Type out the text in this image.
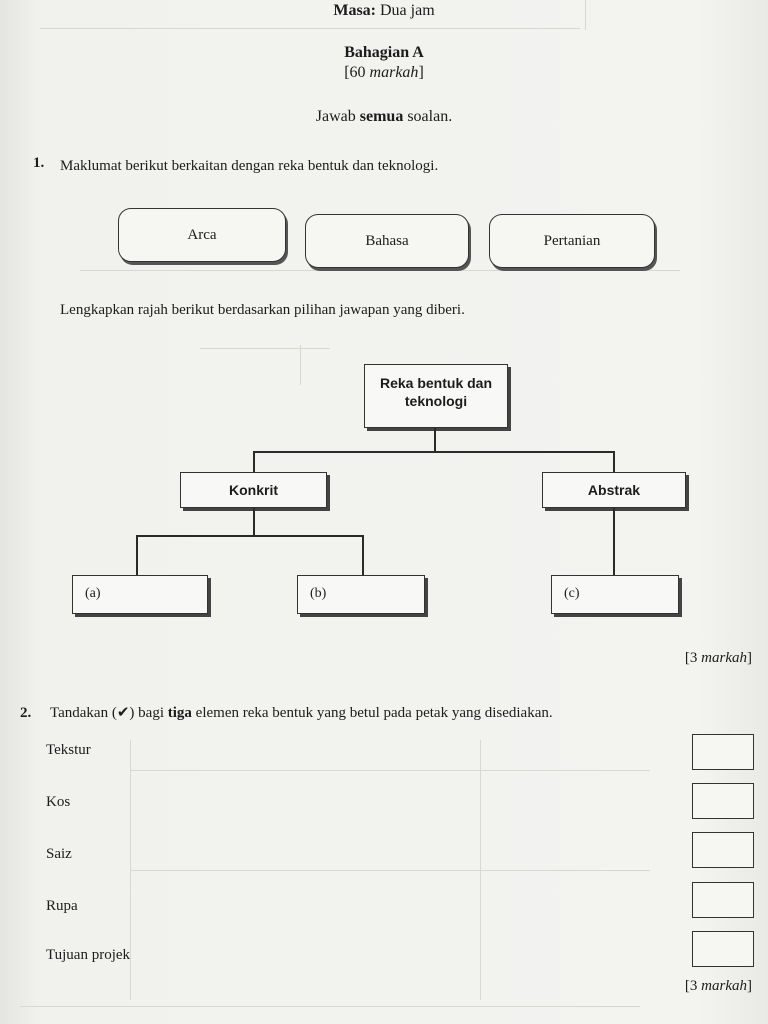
Masa: Dua jam
Bahagian A
[60 markah]
Jawab semua soalan.
1. Maklumat berikut berkaitan dengan reka bentuk dan teknologi.
Arca	Bahasa	Pertanian
Lengkapkan rajah berikut berdasarkan pilihan jawapan yang diberi.
Reka bentuk dan
teknologi
Konkrit	Abstrak
(a)	(b)	(c)
[3 markah]
2. Tandakan (✔) bagi tiga elemen reka bentuk yang betul pada petak yang disediakan.
Tekstur
Kos
Saiz
Rupa
Tujuan projek
[3 markah]
